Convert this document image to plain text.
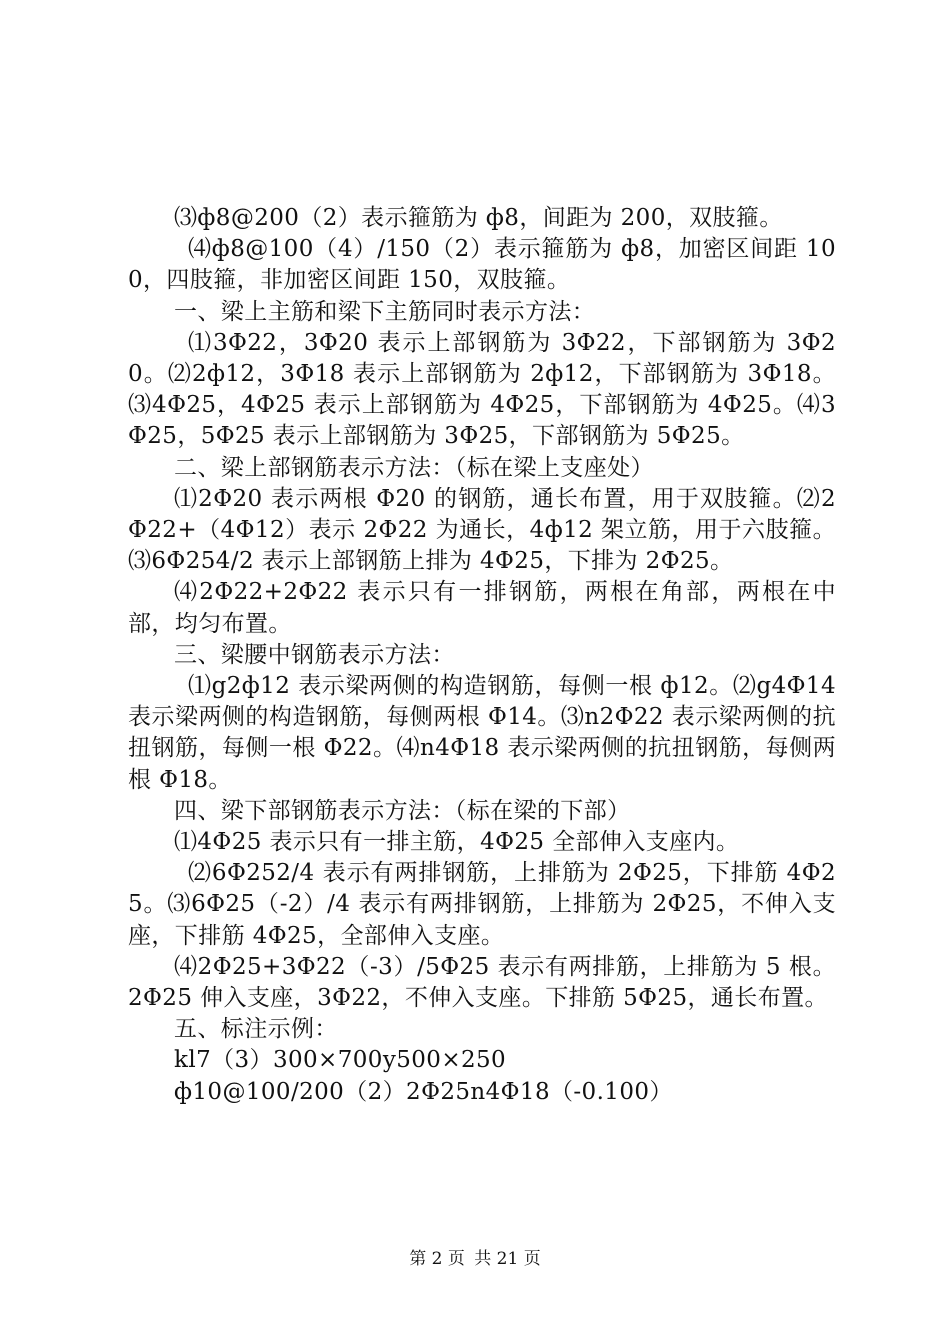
⑶ф8@200（2）表示箍筋为 ф8，间距为 200，双肢箍。

⑷ф8@100（4）/150（2）表示箍筋为 ф8，加密区间距 100，四肢箍，非加密区间距 150，双肢箍。

一、梁上主筋和梁下主筋同时表示方法：

⑴3Φ22，3Φ20 表示上部钢筋为 3Φ22，下部钢筋为 3Φ20。⑵2ф12，3Φ18 表示上部钢筋为 2ф12，下部钢筋为 3Φ18。⑶4Φ25，4Φ25 表示上部钢筋为 4Φ25，下部钢筋为 4Φ25。⑷3Φ25，5Φ25 表示上部钢筋为 3Φ25，下部钢筋为 5Φ25。

二、梁上部钢筋表示方法：（标在梁上支座处）

⑴2Φ20 表示两根 Φ20 的钢筋，通长布置，用于双肢箍。⑵2Φ22+（4Φ12）表示 2Φ22 为通长，4ф12 架立筋，用于六肢箍。⑶6Φ254/2 表示上部钢筋上排为 4Φ25，下排为 2Φ25。

⑷2Φ22+2Φ22 表示只有一排钢筋，两根在角部，两根在中部，均匀布置。

三、梁腰中钢筋表示方法：

⑴g2ф12 表示梁两侧的构造钢筋，每侧一根 ф12。⑵g4Φ14 表示梁两侧的构造钢筋，每侧两根 Φ14。⑶n2Φ22 表示梁两侧的抗扭钢筋，每侧一根 Φ22。⑷n4Φ18 表示梁两侧的抗扭钢筋，每侧两根 Φ18。

四、梁下部钢筋表示方法：（标在梁的下部）

⑴4Φ25 表示只有一排主筋，4Φ25 全部伸入支座内。

⑵6Φ252/4 表示有两排钢筋，上排筋为 2Φ25，下排筋 4Φ25。⑶6Φ25（-2）/4 表示有两排钢筋，上排筋为 2Φ25，不伸入支座，下排筋 4Φ25，全部伸入支座。

⑷2Φ25+3Φ22（-3）/5Φ25 表示有两排筋，上排筋为 5 根。2Φ25 伸入支座，3Φ22，不伸入支座。下排筋 5Φ25，通长布置。

五、标注示例：

kl7（3）300×700y500×250

ф10@100/200（2）2Φ25n4Φ18（-0.100）

第 2 页 共 21 页
